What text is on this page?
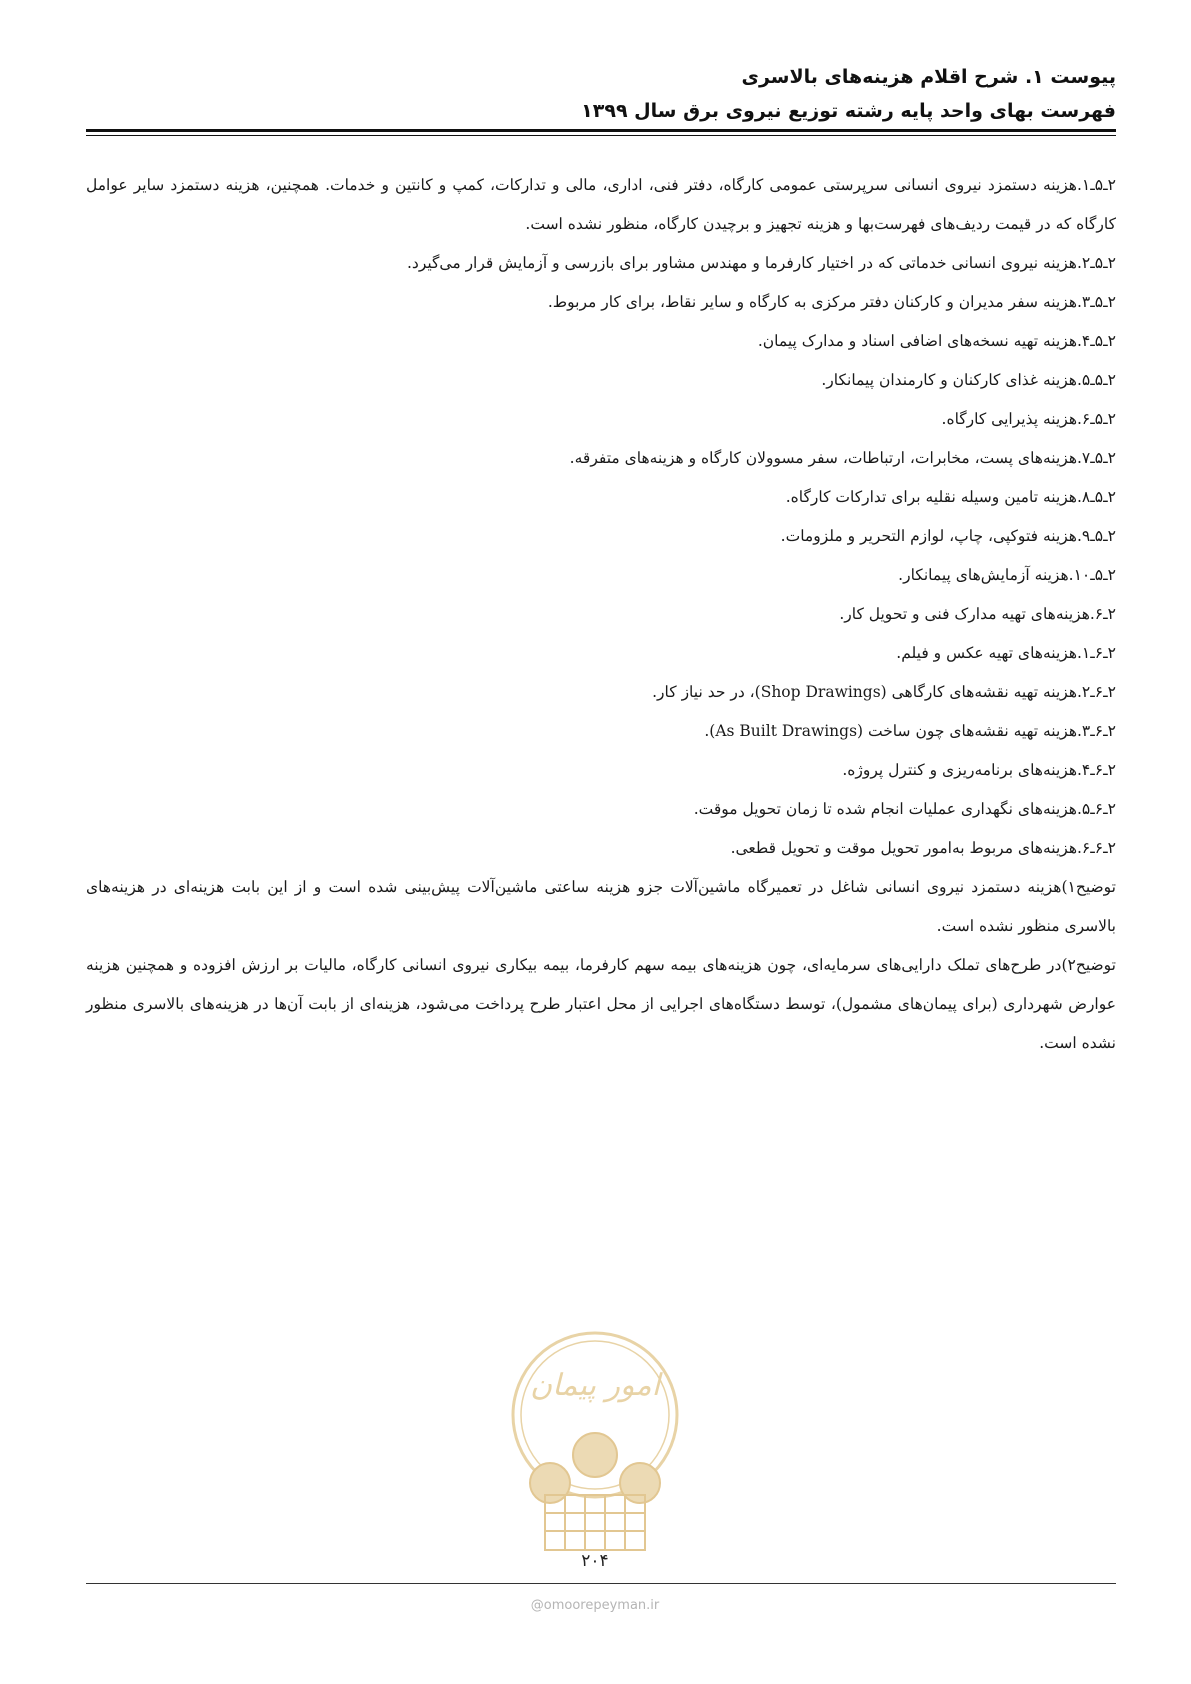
پیوست ۱. شرح اقلام هزینه‌های بالاسری
فهرست بهای واحد پایه رشته توزیع نیروی برق سال ۱۳۹۹

۲ـ۵ـ۱.هزینه دستمزد نیروی انسانی سرپرستی عمومی کارگاه، دفتر فنی، اداری، مالی و تدارکات، کمپ و کانتین و خدمات. همچنین، هزینه دستمزد سایر عوامل کارگاه که در قیمت ردیف‌های فهرست‌بها و هزینه تجهیز و برچیدن کارگاه، منظور نشده است.

۲ـ۵ـ۲.هزینه نیروی انسانی خدماتی که در اختیار کارفرما و مهندس مشاور برای بازرسی و آزمایش قرار می‌گیرد.

۲ـ۵ـ۳.هزینه سفر مدیران و کارکنان دفتر مرکزی به کارگاه و سایر نقاط، برای کار مربوط.

۲ـ۵ـ۴.هزینه تهیه نسخه‌های اضافی اسناد و مدارک پیمان.

۲ـ۵ـ۵.هزینه غذای کارکنان و کارمندان پیمانکار.

۲ـ۵ـ۶.هزینه پذیرایی کارگاه.

۲ـ۵ـ۷.هزینه‌های پست، مخابرات، ارتباطات، سفر مسوولان کارگاه و هزینه‌های متفرقه.

۲ـ۵ـ۸.هزینه تامین وسیله نقلیه برای تدارکات کارگاه.

۲ـ۵ـ۹.هزینه فتوکپی، چاپ، لوازم التحریر و ملزومات.

۲ـ۵ـ۱۰.هزینه آزمایش‌های پیمانکار.

۲ـ۶.هزینه‌های تهیه مدارک فنی و تحویل کار.

۲ـ۶ـ۱.هزینه‌های تهیه عکس و فیلم.

۲ـ۶ـ۲.هزینه تهیه نقشه‌های کارگاهی (Shop Drawings)، در حد نیاز کار.

۲ـ۶ـ۳.هزینه تهیه نقشه‌های چون ساخت (As Built Drawings).

۲ـ۶ـ۴.هزینه‌های برنامه‌ریزی و کنترل پروژه.

۲ـ۶ـ۵.هزینه‌های نگهداری عملیات انجام شده تا زمان تحویل موقت.

۲ـ۶ـ۶.هزینه‌های مربوط به‌امور تحویل موقت و تحویل قطعی.

توضیح۱)هزینه دستمزد نیروی انسانی شاغل در تعمیرگاه ماشین‌آلات جزو هزینه ساعتی ماشین‌آلات پیش‌بینی شده است و از این بابت هزینه‌ای در هزینه‌های بالاسری منظور نشده است.

توضیح۲)در طرح‌های تملک دارایی‌های سرمایه‌ای، چون هزینه‌های بیمه سهم کارفرما، بیمه بیکاری نیروی انسانی کارگاه، مالیات بر ارزش افزوده و همچنین هزینه عوارض شهرداری (برای پیمان‌های مشمول)، توسط دستگاه‌های اجرایی از محل اعتبار طرح پرداخت می‌شود، هزینه‌ای از بابت آن‌ها در هزینه‌های بالاسری منظور نشده است.

امور پیمان
۲۰۴
@omoorepeyman.ir
